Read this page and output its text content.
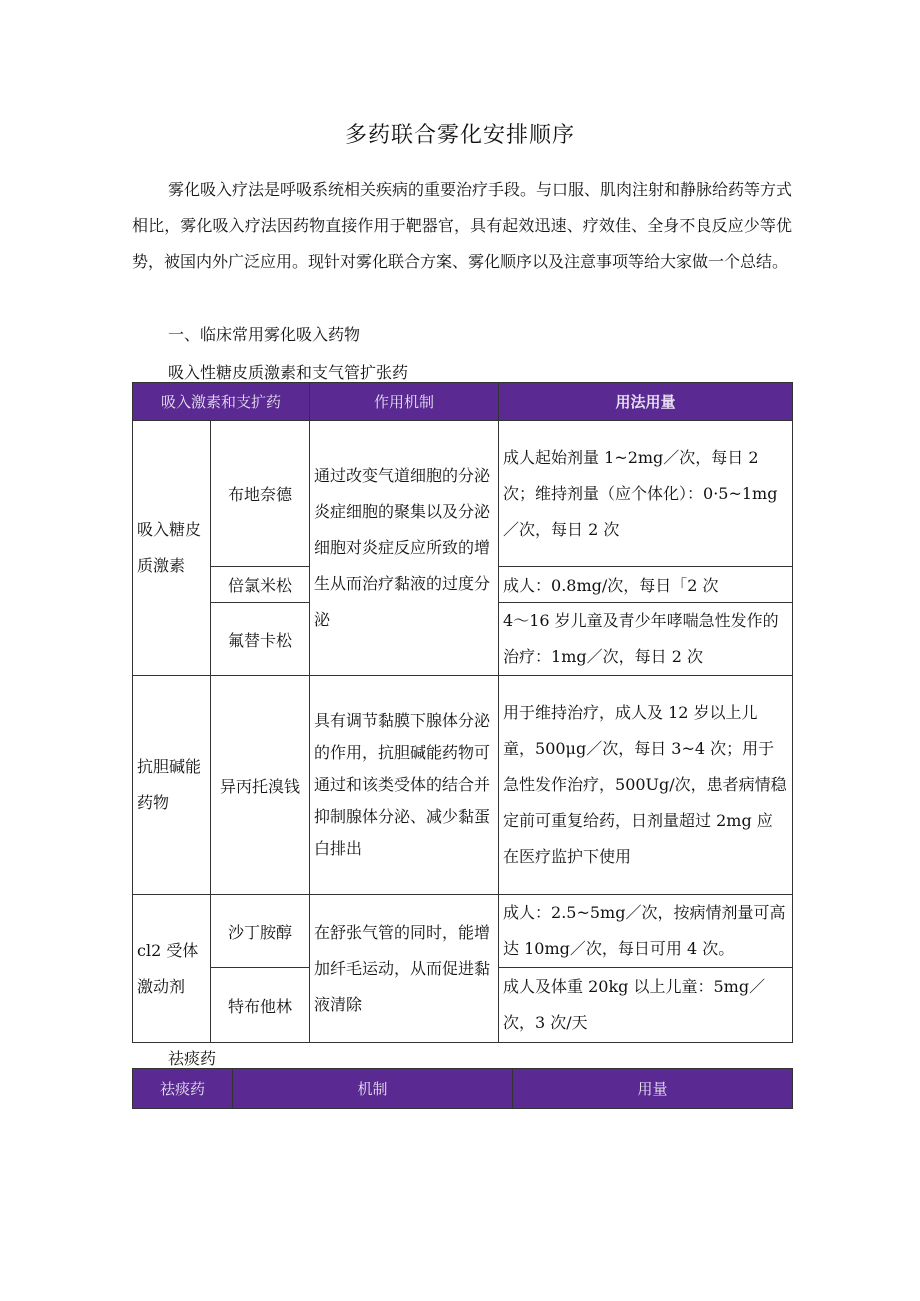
多药联合雾化安排顺序
雾化吸入疗法是呼吸系统相关疾病的重要治疗手段。与口服、肌肉注射和静脉给药等方式相比，雾化吸入疗法因药物直接作用于靶器官，具有起效迅速、疗效佳、全身不良反应少等优势，被国内外广泛应用。现针对雾化联合方案、雾化顺序以及注意事项等给大家做一个总结。
一、临床常用雾化吸入药物
吸入性糖皮质激素和支气管扩张药
吸入激素和支扩药		作用机制	用法用量
吸入糖皮质激素	布地奈德	通过改变气道细胞的分泌炎症细胞的聚集以及分泌细胞对炎症反应所致的增生从而治疗黏液的过度分泌	成人起始剂量 1~2mg／次，每日 2 次；维持剂量（应个体化）：0·5~1mg／次，每日 2 次
	倍氯米松		成人：0.8mg/次，每日「2 次
	氟替卡松		4～16 岁儿童及青少年哮喘急性发作的治疗：1mg／次，每日 2 次
抗胆碱能药物	异丙托溴钱	具有调节黏膜下腺体分泌的作用，抗胆碱能药物可通过和该类受体的结合并抑制腺体分泌、减少黏蛋白排出	用于维持治疗，成人及 12 岁以上儿童，500μg／次，每日 3~4 次；用于急性发作治疗，500Ug/次，患者病情稳定前可重复给药，日剂量超过 2mg 应在医疗监护下使用
cl2 受体激动剂	沙丁胺醇	在舒张气管的同时，能增加纤毛运动，从而促进黏液清除	成人：2.5~5mg／次，按病情剂量可高达 10mg／次，每日可用 4 次。
	特布他林		成人及体重 20kg 以上儿童：5mg／次，3 次/天
祛痰药
祛痰药	机制	用量
